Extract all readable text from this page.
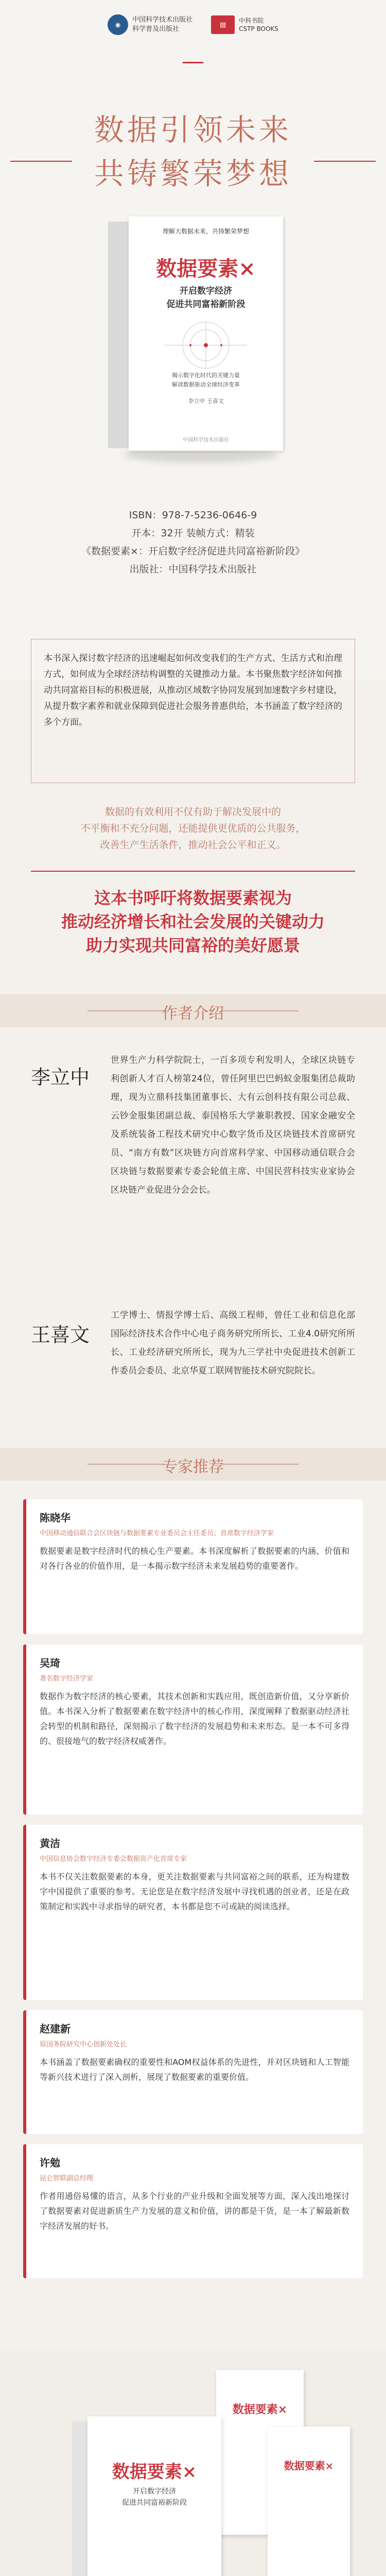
◉
中国科学技术出版社
科学普及出版社
▤
中科书院
CSTP BOOKS
数据引领未来
共铸繁荣梦想
理解大数据未来，共铸繁荣梦想
数据要素×
开启数字经济
促进共同富裕新阶段
揭示数字化时代的关键力量
解读数据驱动全球经济变革
李立中 王喜文
中国科学技术出版社
ISBN：978-7-5236-0646-9
开本：32开 装帧方式：精装
《数据要素×：开启数字经济促进共同富裕新阶段》
出版社：中国科学技术出版社
本书深入探讨数字经济的迅速崛起如何改变我们的生产方式、生活方式和治理方式，如何成为全球经济结构调整的关键推动力量。本书聚焦数字经济如何推动共同富裕目标的积极进展，从推动区域数字协同发展到加速数字乡村建设，从提升数字素养和就业保障到促进社会服务普惠供给，本书涵盖了数字经济的多个方面。
数据的有效利用不仅有助于解决发展中的
不平衡和不充分问题，还能提供更优质的公共服务，
改善生产生活条件，推动社会公平和正义。
这本书呼吁将数据要素视为
推动经济增长和社会发展的关键动力
助力实现共同富裕的美好愿景
作者介绍
李立中
世界生产力科学院院士，一百多项专利发明人，全球区块链专利创新人才百人榜第24位，曾任阿里巴巴蚂蚁金服集团总裁助理，现为立鼎科技集团董事长、大有云创科技有限公司总裁、云钞金服集团副总裁、泰国格乐大学兼职教授、国家金融安全及系统装备工程技术研究中心数字货币及区块链技术首席研究员、“南方有数”区块链方向首席科学家、中国移动通信联合会区块链与数据要素专委会轮值主席、中国民营科技实业家协会区块链产业促进分会会长。
王喜文
工学博士、情报学博士后、高级工程师，曾任工业和信息化部国际经济技术合作中心电子商务研究所所长、工业4.0研究所所长、工业经济研究所所长，现为九三学社中央促进技术创新工作委员会委员、北京华夏工联网智能技术研究院院长。
专家推荐
陈晓华
中国移动通信联合会区块链与数据要素专业委员会主任委员；首席数字经济学家
数据要素是数字经济时代的核心生产要素。本书深度解析了数据要素的内涵、价值和对各行各业的价值作用，是一本揭示数字经济未来发展趋势的重要著作。
吴琦
著名数字经济学家
数据作为数字经济的核心要素，其技术创新和实践应用，既创造新价值，又分享新价值。本书深入分析了数据要素在数字经济中的核心作用，深度阐释了数据驱动经济社会转型的机制和路径，深刻揭示了数字经济的发展趋势和未来形态。是一本不可多得的、很接地气的数字经济权威著作。
黄洁
中国信息协会数字经济专委会数据资产化首席专家
本书不仅关注数据要素的本身，更关注数据要素与共同富裕之间的联系，还为构建数字中国提供了重要的参考。无论您是在数字经济发展中寻找机遇的创业者，还是在政策制定和实践中寻求指导的研究者，本书都是您不可或缺的阅读选择。
赵建新
原国务院研究中心创新处处长
本书涵盖了数据要素确权的重要性和AOM权益体系的先进性，并对区块链和人工智能等新兴技术进行了深入剖析，展现了数据要素的重要价值。
许勉
昆仑智联副总经理
作者用通俗易懂的语言，从多个行业的产业升级和全面发展等方面，深入浅出地探讨了数据要素对促进新质生产力发展的意义和价值，讲的都是干货，是一本了解最新数字经济发展的好书。
数据要素×
数据要素×
数据要素×
开启数字经济
促进共同富裕新阶段
